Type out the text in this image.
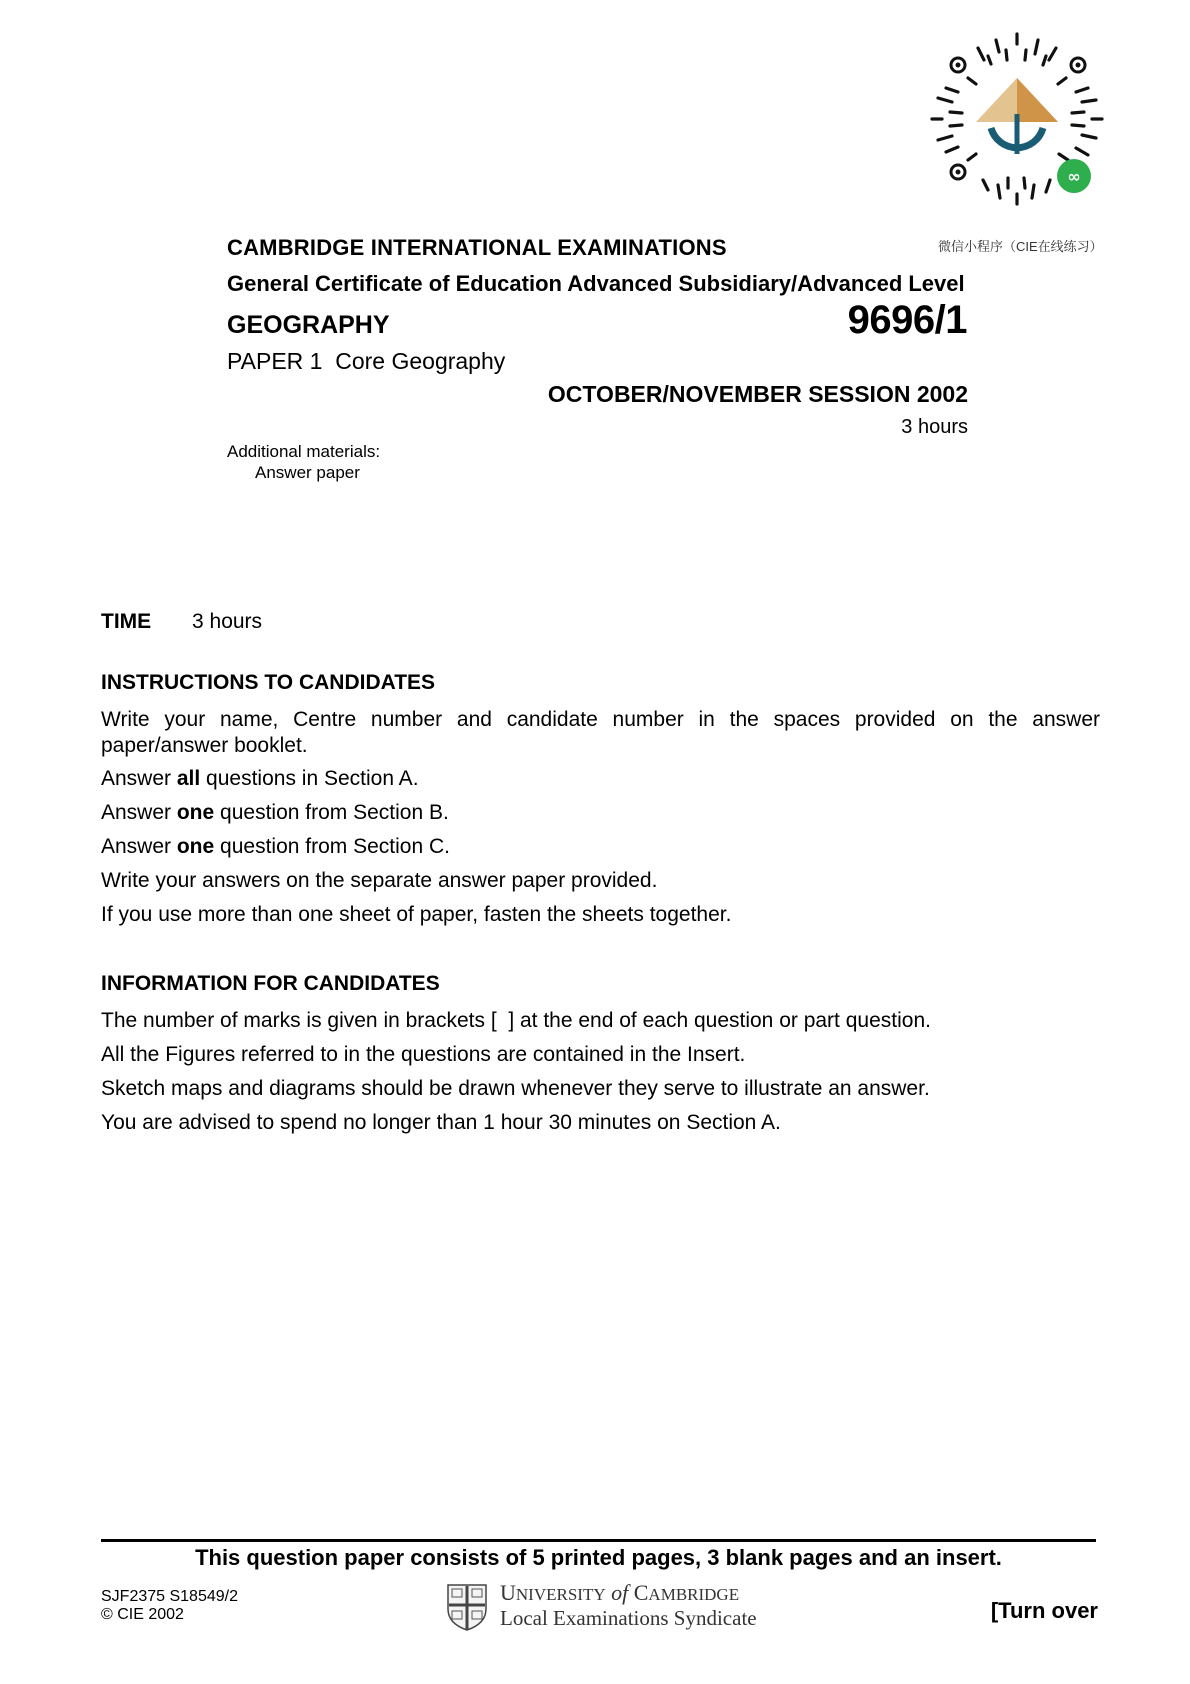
∞
微信小程序（CIE在线练习）
CAMBRIDGE INTERNATIONAL EXAMINATIONS
General Certificate of Education Advanced Subsidiary/Advanced Level
GEOGRAPHY	9696/1
PAPER 1  Core Geography
OCTOBER/NOVEMBER SESSION 2002
3 hours
Additional materials:
Answer paper
TIME 3 hours
INSTRUCTIONS TO CANDIDATES
Write your name, Centre number and candidate number in the spaces provided on the answer paper/answer booklet.
Answer all questions in Section A.
Answer one question from Section B.
Answer one question from Section C.
Write your answers on the separate answer paper provided.
If you use more than one sheet of paper, fasten the sheets together.
INFORMATION FOR CANDIDATES
The number of marks is given in brackets [  ] at the end of each question or part question.
All the Figures referred to in the questions are contained in the Insert.
Sketch maps and diagrams should be drawn whenever they serve to illustrate an answer.
You are advised to spend no longer than 1 hour 30 minutes on Section A.
This question paper consists of 5 printed pages, 3 blank pages and an insert.
SJF2375 S18549/2
© CIE 2002
UNIVERSITY of CAMBRIDGE
Local Examinations Syndicate	[Turn over
